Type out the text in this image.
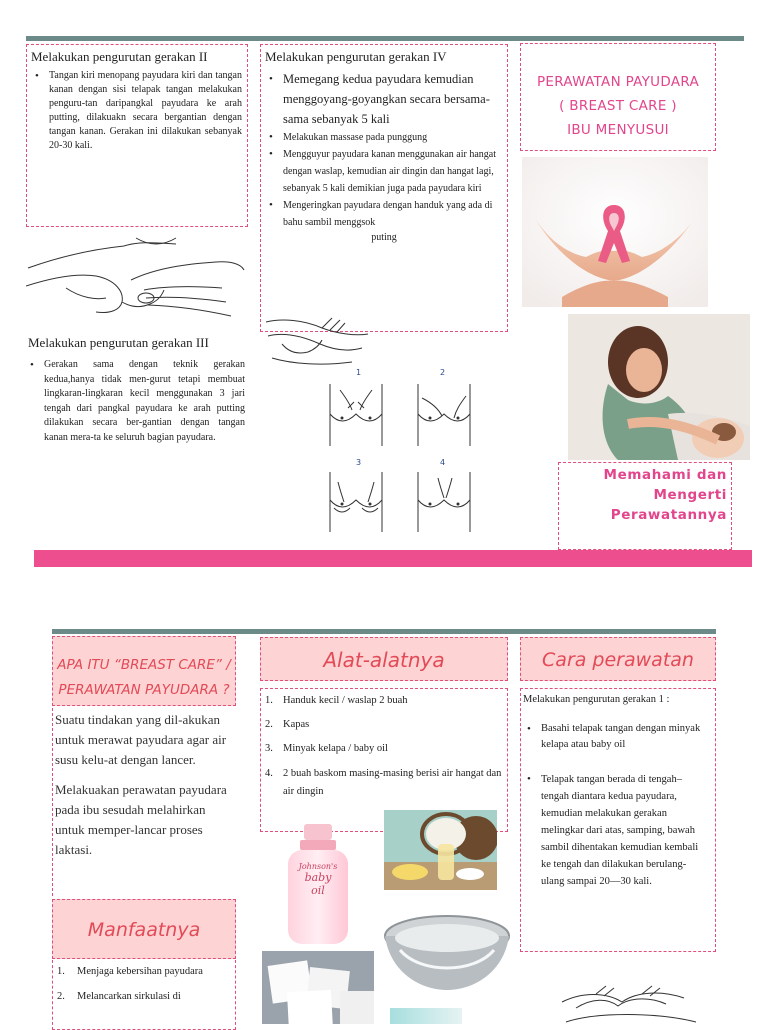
Melakukan pengurutan gerakan II
• Tangan kiri menopang payudara kiri dan tangan kanan dengan sisi telapak tangan melakukan penguru-tan daripangkal payudara ke arah putting, dilakuakn secara bergantian dengan tangan kanan. Gerakan ini dilakukan sebanyak 20-30 kali.
Melakukan pengurutan gerakan III
• Gerakan sama dengan teknik gerakan kedua,hanya tidak men-gurut tetapi membuat lingkaran-lingkaran kecil menggunakan 3 jari tengah dari pangkal payudara ke arah putting dilakukan secara ber-gantian dengan tangan kanan mera-ta ke seluruh bagian payudara.
Melakukan pengurutan gerakan IV
• Memegang kedua payudara kemudian menggoyang-goyangkan secara bersama-sama sebanyak 5 kali
• Melakukan massase pada punggung
• Mengguyur payudara kanan menggunakan air hangat dengan waslap, kemudian air dingin dan hangat lagi, sebanyak 5 kali demikian juga pada payudara kiri
• Mengeringkan payudara dengan handuk yang ada di bahu sambil menggsok
puting
1	2
3	4
PERAWATAN PAYUDARA
( BREAST CARE )
IBU MENYUSUI
Memahami dan
Mengerti
Perawatannya
APA ITU “BREAST CARE” /
PERAWATAN PAYUDARA ?
Suatu tindakan yang dil-akukan untuk merawat payudara agar air susu kelu-at dengan lancer.
Melakuakan perawatan payudara pada ibu sesudah melahirkan untuk memper-lancar proses laktasi.
Manfaatnya
1. Menjaga kebersihan payudara
2. Melancarkan sirkulasi di
Alat-alatnya
1. Handuk kecil / waslap 2 buah
2. Kapas
3. Minyak kelapa / baby oil
4. 2 buah baskom masing-masing berisi air hangat dan air dingin
Johnson's
baby
oil
Cara perawatan
Melakukan pengurutan gerakan 1 :
• Basahi telapak tangan dengan minyak kelapa atau baby oil
• Telapak tangan berada di tengah– tengah diantara kedua payudara, kemudian melakukan gerakan melingkar dari atas, samping, bawah sambil dihentakan kemudian kembali ke tengah dan dilakukan berulang-ulang sampai 20—30 kali.
